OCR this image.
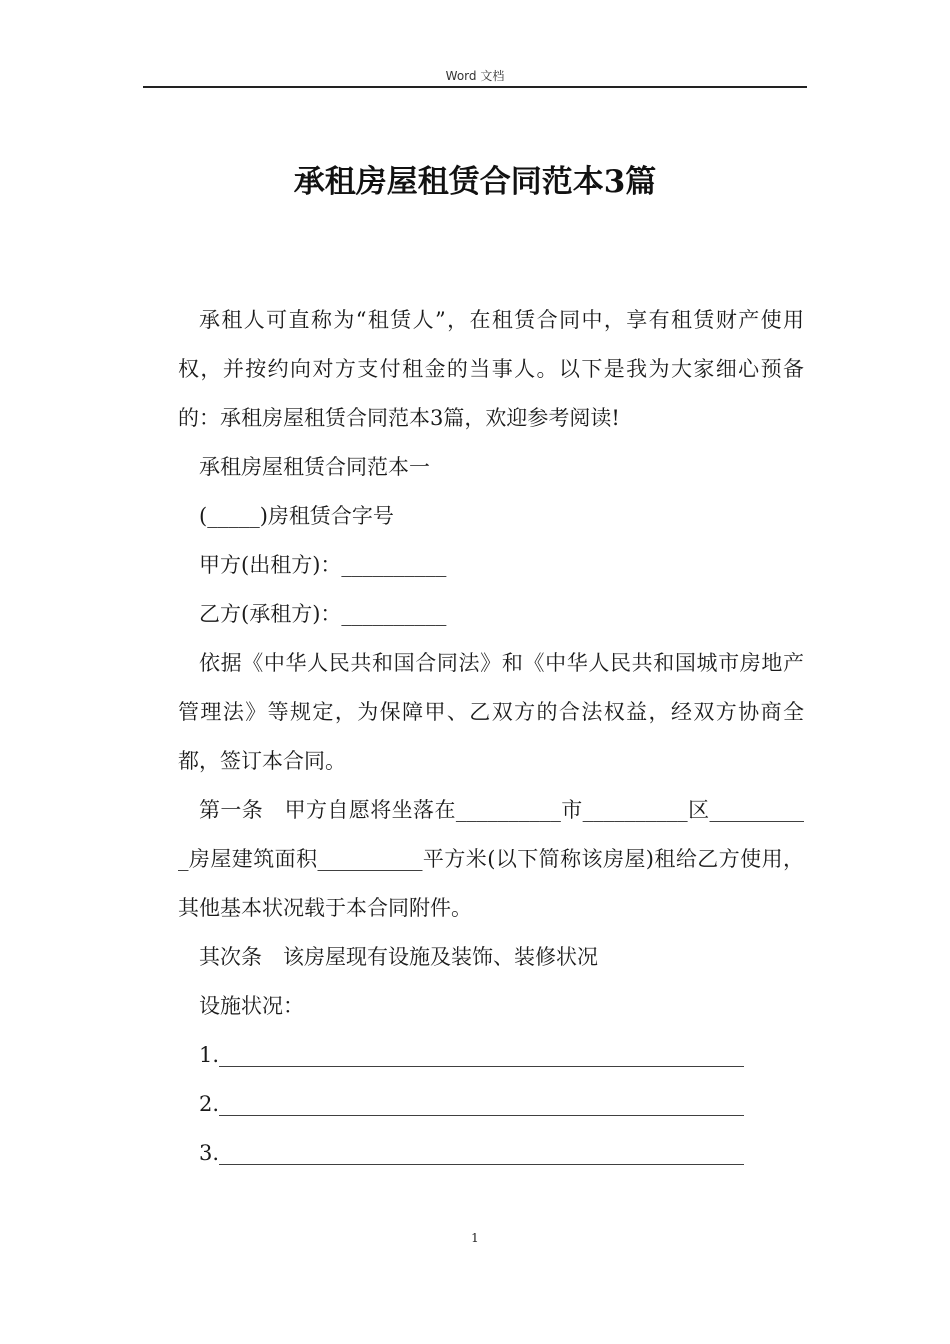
Word 文档
承租房屋租赁合同范本3篇

承租人可直称为“租赁人”，在租赁合同中，享有租赁财产使用权，并按约向对方支付租金的当事人。以下是我为大家细心预备的：承租房屋租赁合同范本3篇，欢迎参考阅读!

承租房屋租赁合同范本一

(_____)房租赁合字号

甲方(出租方)：__________

乙方(承租方)：__________

依据《中华人民共和国合同法》和《中华人民共和国城市房地产管理法》等规定，为保障甲、乙双方的合法权益，经双方协商全都，签订本合同。

第一条　甲方自愿将坐落在__________市__________区__________房屋建筑面积__________平方米(以下简称该房屋)租给乙方使用，其他基本状况载于本合同附件。

其次条　该房屋现有设施及装饰、装修状况

设施状况：

1.__________________________________________________

2.__________________________________________________

3.__________________________________________________

1
